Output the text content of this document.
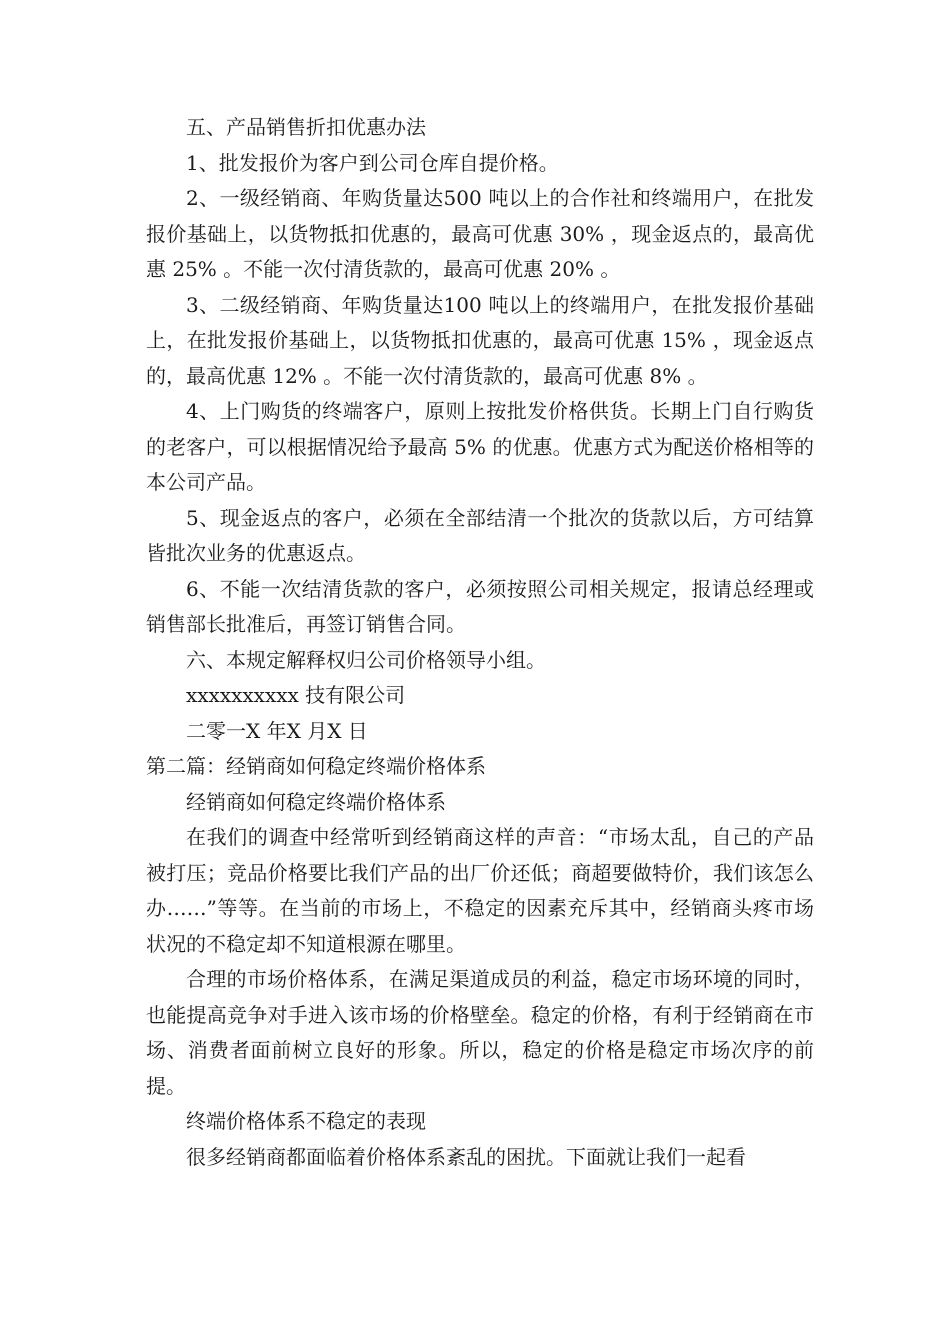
五、产品销售折扣优惠办法

1、批发报价为客户到公司仓库自提价格。

2、一级经销商、年购货量达500 吨以上的合作社和终端用户，在批发报价基础上，以货物抵扣优惠的，最高可优惠 30% ，现金返点的，最高优惠 25% 。不能一次付清货款的，最高可优惠 20% 。

3、二级经销商、年购货量达100 吨以上的终端用户，在批发报价基础上，在批发报价基础上，以货物抵扣优惠的，最高可优惠 15% ，现金返点的，最高优惠 12% 。不能一次付清货款的，最高可优惠 8% 。

4、上门购货的终端客户，原则上按批发价格供货。长期上门自行购货的老客户，可以根据情况给予最高 5% 的优惠。优惠方式为配送价格相等的本公司产品。

5、现金返点的客户，必须在全部结清一个批次的货款以后，方可结算皆批次业务的优惠返点。

6、不能一次结清货款的客户，必须按照公司相关规定，报请总经理或销售部长批准后，再签订销售合同。

六、本规定解释权归公司价格领导小组。

xxxxxxxxxx 技有限公司

二零一X 年X 月X 日

第二篇：经销商如何稳定终端价格体系

经销商如何稳定终端价格体系

在我们的调查中经常听到经销商这样的声音：“市场太乱，自己的产品被打压；竞品价格要比我们产品的出厂价还低；商超要做特价，我们该怎么办……”等等。在当前的市场上，不稳定的因素充斥其中，经销商头疼市场状况的不稳定却不知道根源在哪里。

合理的市场价格体系，在满足渠道成员的利益，稳定市场环境的同时，也能提高竞争对手进入该市场的价格壁垒。稳定的价格，有利于经销商在市场、消费者面前树立良好的形象。所以，稳定的价格是稳定市场次序的前提。

终端价格体系不稳定的表现

很多经销商都面临着价格体系紊乱的困扰。下面就让我们一起看
